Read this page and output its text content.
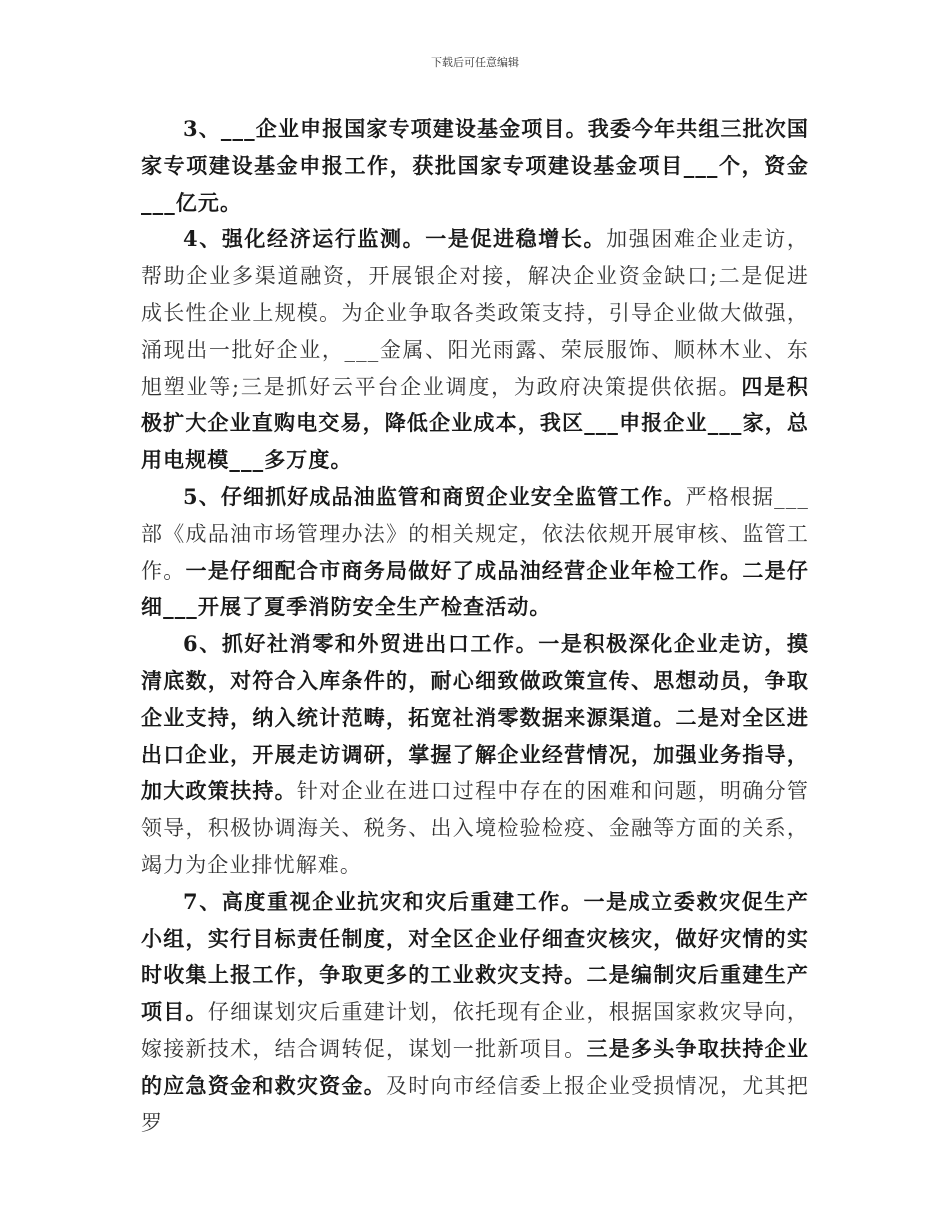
下载后可任意编辑

3、___企业申报国家专项建设基金项目。我委今年共组三批次国家专项建设基金申报工作，获批国家专项建设基金项目___个，资金___亿元。

4、强化经济运行监测。一是促进稳增长。加强困难企业走访，帮助企业多渠道融资，开展银企对接，解决企业资金缺口;二是促进成长性企业上规模。为企业争取各类政策支持，引导企业做大做强，涌现出一批好企业，___金属、阳光雨露、荣辰服饰、顺林木业、东旭塑业等;三是抓好云平台企业调度，为政府决策提供依据。四是积极扩大企业直购电交易，降低企业成本，我区___申报企业___家，总用电规模___多万度。

5、仔细抓好成品油监管和商贸企业安全监管工作。严格根据___部《成品油市场管理办法》的相关规定，依法依规开展审核、监管工作。一是仔细配合市商务局做好了成品油经营企业年检工作。二是仔细___开展了夏季消防安全生产检查活动。

6、抓好社消零和外贸进出口工作。一是积极深化企业走访，摸清底数，对符合入库条件的，耐心细致做政策宣传、思想动员，争取企业支持，纳入统计范畴，拓宽社消零数据来源渠道。二是对全区进出口企业，开展走访调研，掌握了解企业经营情况，加强业务指导，加大政策扶持。针对企业在进口过程中存在的困难和问题，明确分管领导，积极协调海关、税务、出入境检验检疫、金融等方面的关系，竭力为企业排忧解难。

7、高度重视企业抗灾和灾后重建工作。一是成立委救灾促生产小组，实行目标责任制度，对全区企业仔细查灾核灾，做好灾情的实时收集上报工作，争取更多的工业救灾支持。二是编制灾后重建生产项目。仔细谋划灾后重建计划，依托现有企业，根据国家救灾导向，嫁接新技术，结合调转促，谋划一批新项目。三是多头争取扶持企业的应急资金和救灾资金。及时向市经信委上报企业受损情况，尤其把罗
